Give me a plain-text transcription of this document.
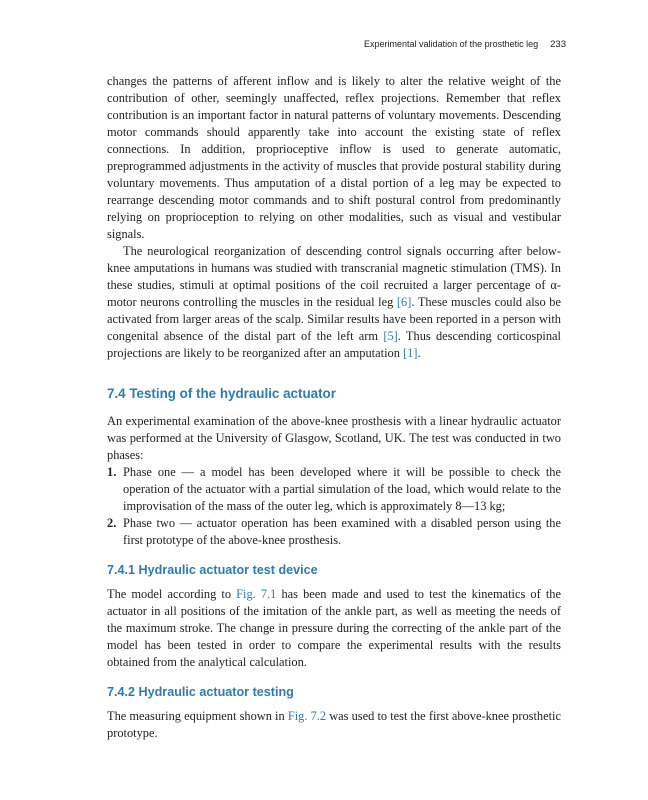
Experimental validation of the prosthetic leg 233

changes the patterns of afferent inflow and is likely to alter the relative weight of the contribution of other, seemingly unaffected, reflex projections. Remember that reflex contribution is an important factor in natural patterns of voluntary movements. Descending motor commands should apparently take into account the existing state of reflex connections. In addition, proprioceptive inflow is used to generate automatic, preprogrammed adjustments in the activity of muscles that provide postural stability during voluntary movements. Thus amputation of a distal portion of a leg may be expected to rearrange descending motor commands and to shift postural control from predominantly relying on proprioception to relying on other modalities, such as visual and vestibular signals.

The neurological reorganization of descending control signals occurring after below-knee amputations in humans was studied with transcranial magnetic stimulation (TMS). In these studies, stimuli at optimal positions of the coil recruited a larger percentage of α-motor neurons controlling the muscles in the residual leg [6]. These muscles could also be activated from larger areas of the scalp. Similar results have been reported in a person with congenital absence of the distal part of the left arm [5]. Thus descending corticospinal projections are likely to be reorganized after an amputation [1].

7.4 Testing of the hydraulic actuator

An experimental examination of the above-knee prosthesis with a linear hydraulic actuator was performed at the University of Glasgow, Scotland, UK. The test was conducted in two phases:

1. Phase one — a model has been developed where it will be possible to check the operation of the actuator with a partial simulation of the load, which would relate to the improvisation of the mass of the outer leg, which is approximately 8—13 kg;
2. Phase two — actuator operation has been examined with a disabled person using the first prototype of the above-knee prosthesis.
7.4.1 Hydraulic actuator test device

The model according to Fig. 7.1 has been made and used to test the kinematics of the actuator in all positions of the imitation of the ankle part, as well as meeting the needs of the maximum stroke. The change in pressure during the correcting of the ankle part of the model has been tested in order to compare the experimental results with the results obtained from the analytical calculation.

7.4.2 Hydraulic actuator testing

The measuring equipment shown in Fig. 7.2 was used to test the first above-knee prosthetic prototype.
